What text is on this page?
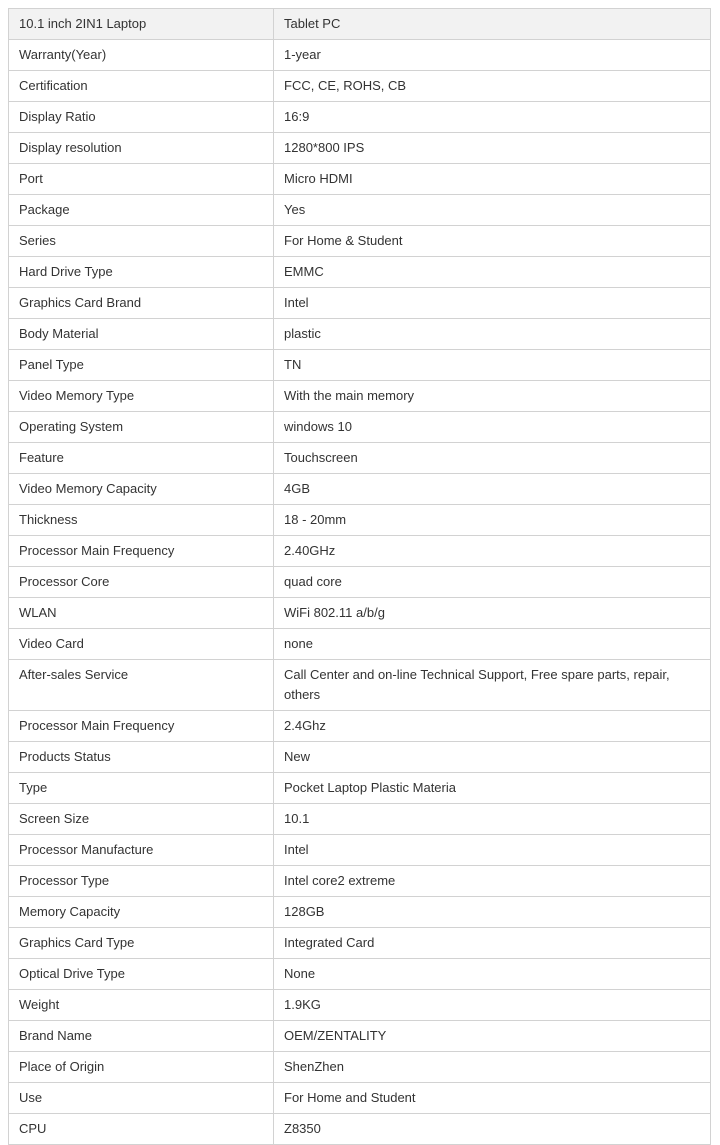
10.1 inch 2IN1 Laptop	Tablet PC
Warranty(Year)	1-year
Certification	FCC, CE, ROHS, CB
Display Ratio	16:9
Display resolution	1280*800 IPS
Port	Micro HDMI
Package	Yes
Series	For Home & Student
Hard Drive Type	EMMC
Graphics Card Brand	Intel
Body Material	plastic
Panel Type	TN
Video Memory Type	With the main memory
Operating System	windows 10
Feature	Touchscreen
Video Memory Capacity	4GB
Thickness	18 - 20mm
Processor Main Frequency	2.40GHz
Processor Core	quad core
WLAN	WiFi 802.11 a/b/g
Video Card	none
After-sales Service	Call Center and on-line Technical Support, Free spare parts, repair, others
Processor Main Frequency	2.4Ghz
Products Status	New
Type	Pocket Laptop Plastic Materia
Screen Size	10.1
Processor Manufacture	Intel
Processor Type	Intel core2 extreme
Memory Capacity	128GB
Graphics Card Type	Integrated Card
Optical Drive Type	None
Weight	1.9KG
Brand Name	OEM/ZENTALITY
Place of Origin	ShenZhen
Use	For Home and Student
CPU	Z8350
